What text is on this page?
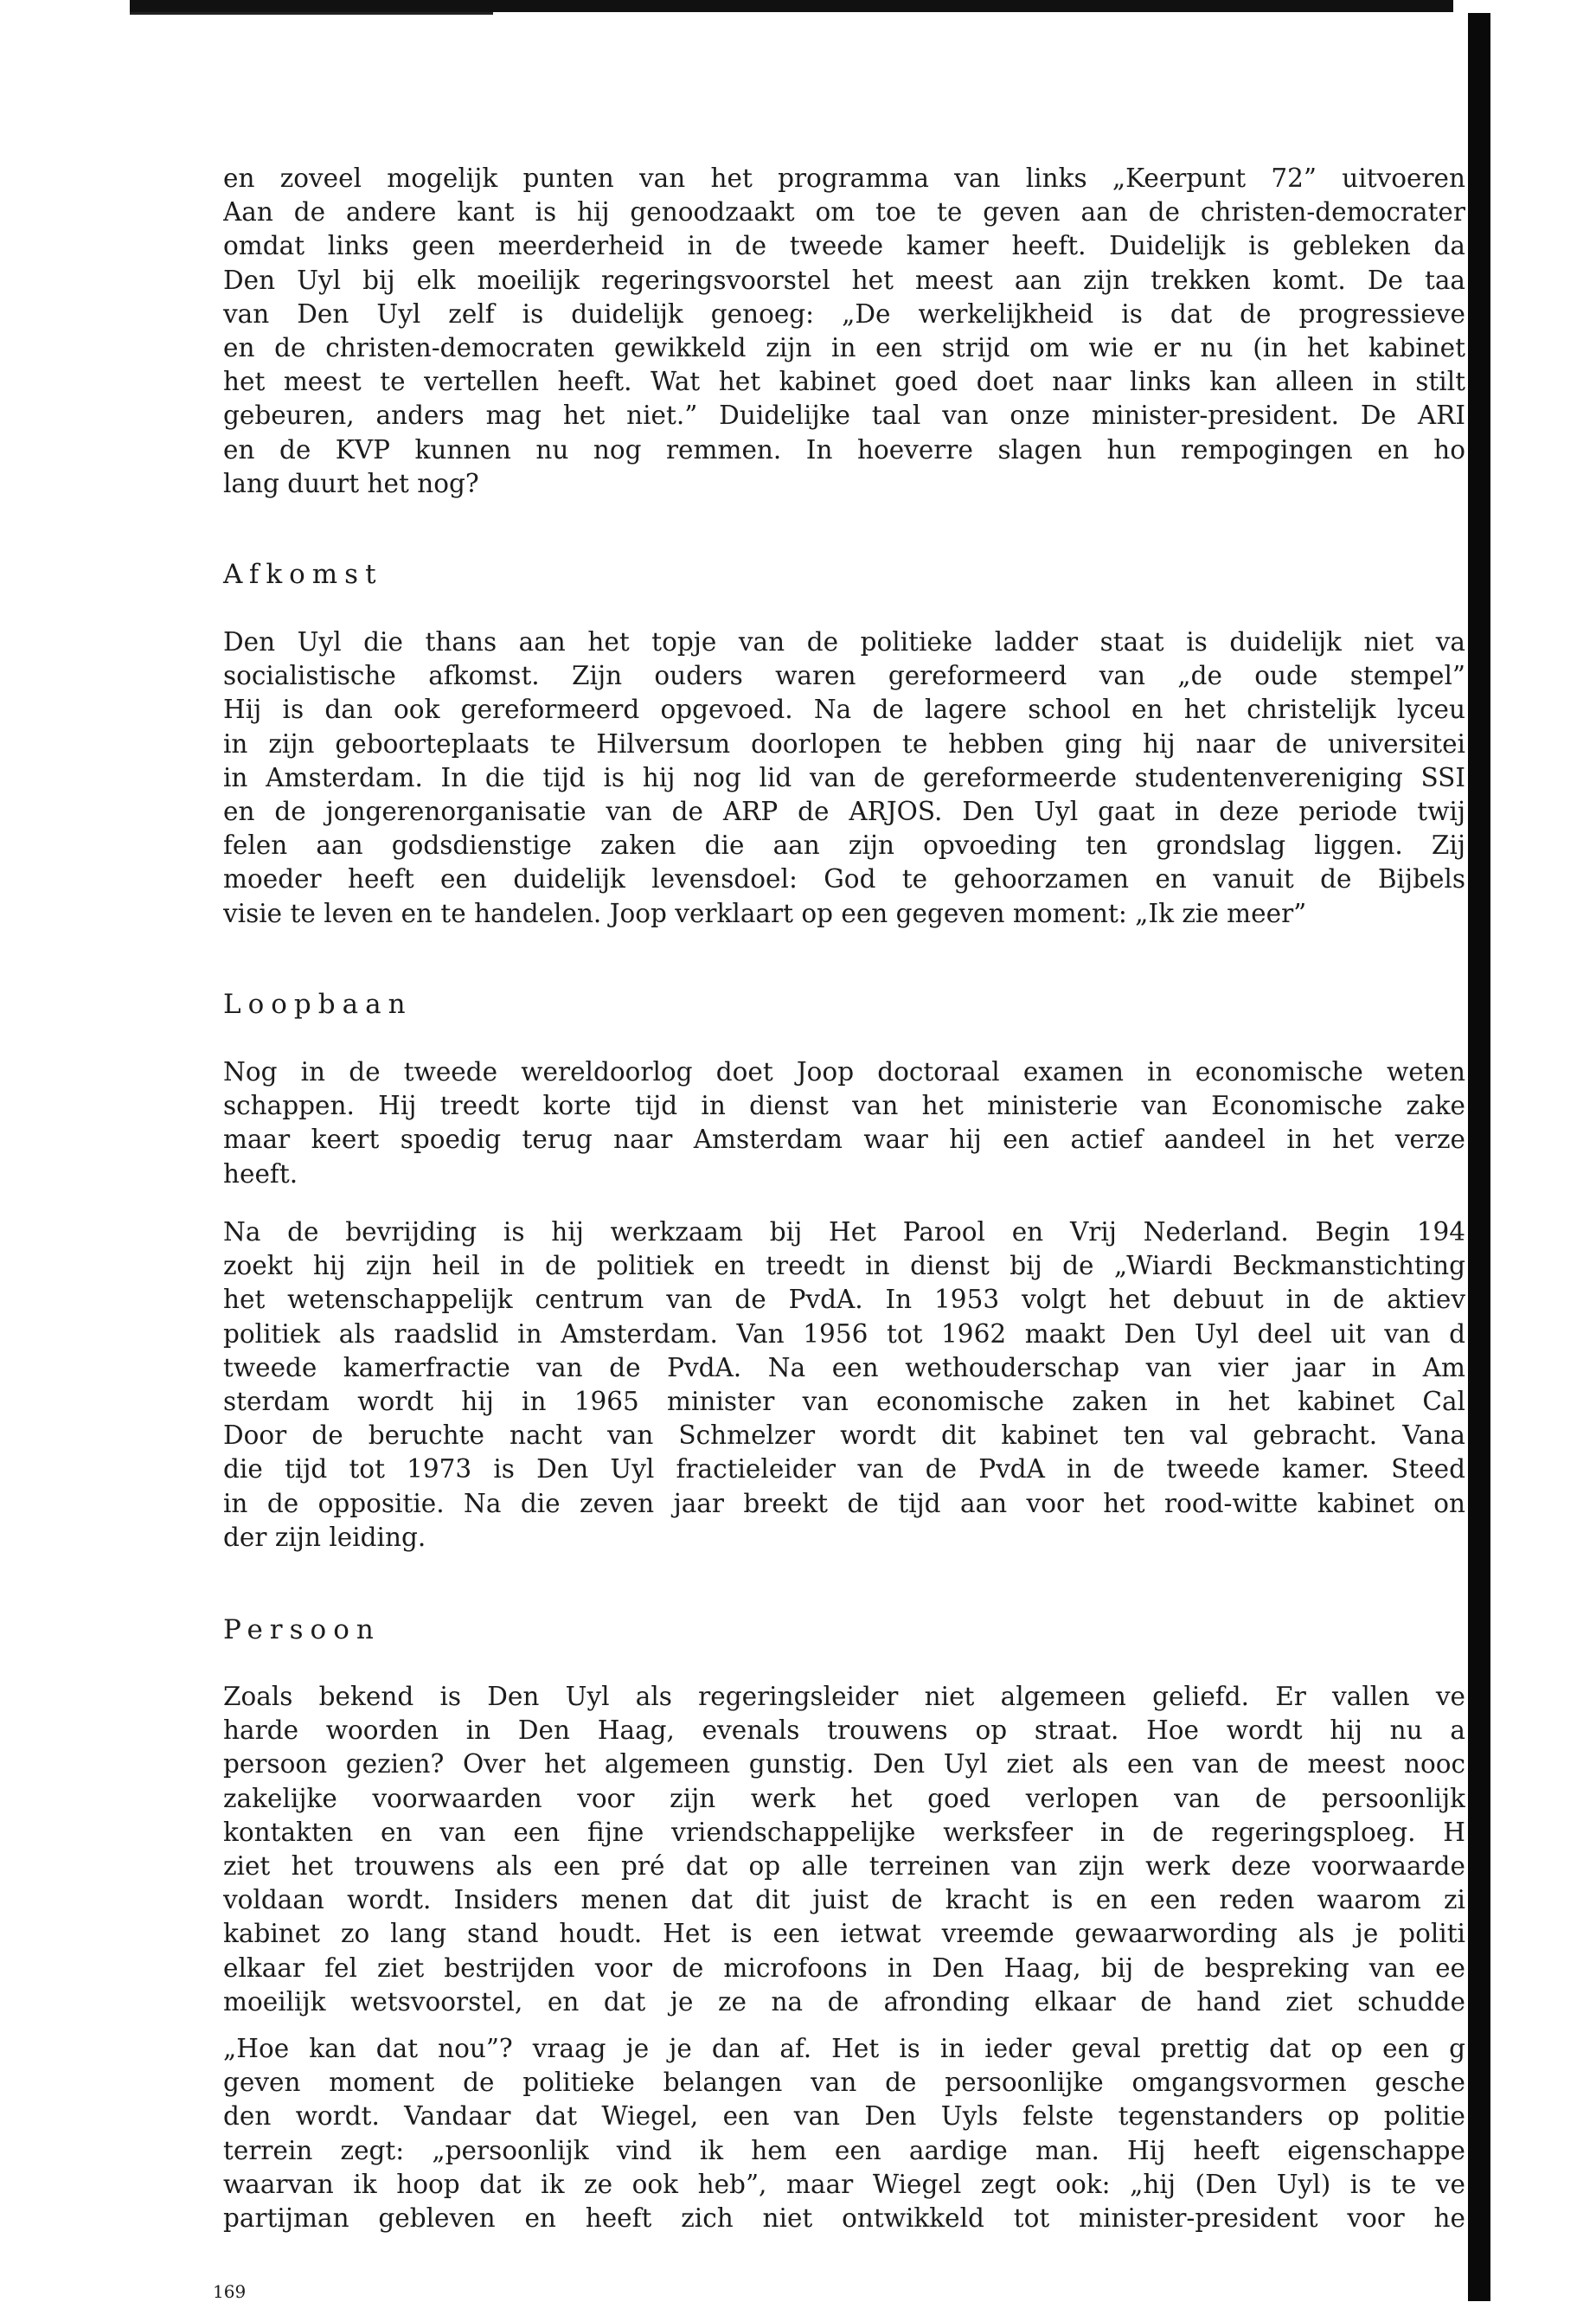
en zoveel mogelijk punten van het programma van links „Keerpunt 72” uitvoeren
Aan de andere kant is hij genoodzaakt om toe te geven aan de christen-democrater
omdat links geen meerderheid in de tweede kamer heeft. Duidelijk is gebleken da
Den Uyl bij elk moeilijk regeringsvoorstel het meest aan zijn trekken komt. De taa
van Den Uyl zelf is duidelijk genoeg: „De werkelijkheid is dat de progressieve
en de christen-democraten gewikkeld zijn in een strijd om wie er nu (in het kabinet
het meest te vertellen heeft. Wat het kabinet goed doet naar links kan alleen in stilt
gebeuren, anders mag het niet.” Duidelijke taal van onze minister-president. De ARI
en de KVP kunnen nu nog remmen. In hoeverre slagen hun rempogingen en ho
lang duurt het nog?
Afkomst
Den Uyl die thans aan het topje van de politieke ladder staat is duidelijk niet va
socialistische afkomst. Zijn ouders waren gereformeerd van „de oude stempel”
Hij is dan ook gereformeerd opgevoed. Na de lagere school en het christelijk lyceu
in zijn geboorteplaats te Hilversum doorlopen te hebben ging hij naar de universitei
in Amsterdam. In die tijd is hij nog lid van de gereformeerde studentenvereniging SSI
en de jongerenorganisatie van de ARP de ARJOS. Den Uyl gaat in deze periode twij
felen aan godsdienstige zaken die aan zijn opvoeding ten grondslag liggen. Zij
moeder heeft een duidelijk levensdoel: God te gehoorzamen en vanuit de Bijbels
visie te leven en te handelen. Joop verklaart op een gegeven moment: „Ik zie meer”
Loopbaan
Nog in de tweede wereldoorlog doet Joop doctoraal examen in economische weten
schappen. Hij treedt korte tijd in dienst van het ministerie van Economische zake
maar keert spoedig terug naar Amsterdam waar hij een actief aandeel in het verze
heeft.
Na de bevrijding is hij werkzaam bij Het Parool en Vrij Nederland. Begin 194
zoekt hij zijn heil in de politiek en treedt in dienst bij de „Wiardi Beckmanstichting
het wetenschappelijk centrum van de PvdA. In 1953 volgt het debuut in de aktiev
politiek als raadslid in Amsterdam. Van 1956 tot 1962 maakt Den Uyl deel uit van d
tweede kamerfractie van de PvdA. Na een wethouderschap van vier jaar in Am
sterdam wordt hij in 1965 minister van economische zaken in het kabinet Cal
Door de beruchte nacht van Schmelzer wordt dit kabinet ten val gebracht. Vana
die tijd tot 1973 is Den Uyl fractieleider van de PvdA in de tweede kamer. Steed
in de oppositie. Na die zeven jaar breekt de tijd aan voor het rood-witte kabinet on
der zijn leiding.
Persoon
Zoals bekend is Den Uyl als regeringsleider niet algemeen geliefd. Er vallen ve
harde woorden in Den Haag, evenals trouwens op straat. Hoe wordt hij nu a
persoon gezien? Over het algemeen gunstig. Den Uyl ziet als een van de meest nooc
zakelijke voorwaarden voor zijn werk het goed verlopen van de persoonlijk
kontakten en van een fijne vriendschappelijke werksfeer in de regeringsploeg. H
ziet het trouwens als een pré dat op alle terreinen van zijn werk deze voorwaarde
voldaan wordt. Insiders menen dat dit juist de kracht is en een reden waarom zi
kabinet zo lang stand houdt. Het is een ietwat vreemde gewaarwording als je politi
elkaar fel ziet bestrijden voor de microfoons in Den Haag, bij de bespreking van ee
moeilijk wetsvoorstel, en dat je ze na de afronding elkaar de hand ziet schudde
„Hoe kan dat nou”? vraag je je dan af. Het is in ieder geval prettig dat op een g
geven moment de politieke belangen van de persoonlijke omgangsvormen gesche
den wordt. Vandaar dat Wiegel, een van Den Uyls felste tegenstanders op politie
terrein zegt: „persoonlijk vind ik hem een aardige man. Hij heeft eigenschappe
waarvan ik hoop dat ik ze ook heb”, maar Wiegel zegt ook: „hij (Den Uyl) is te ve
partijman gebleven en heeft zich niet ontwikkeld tot minister-president voor he
169
